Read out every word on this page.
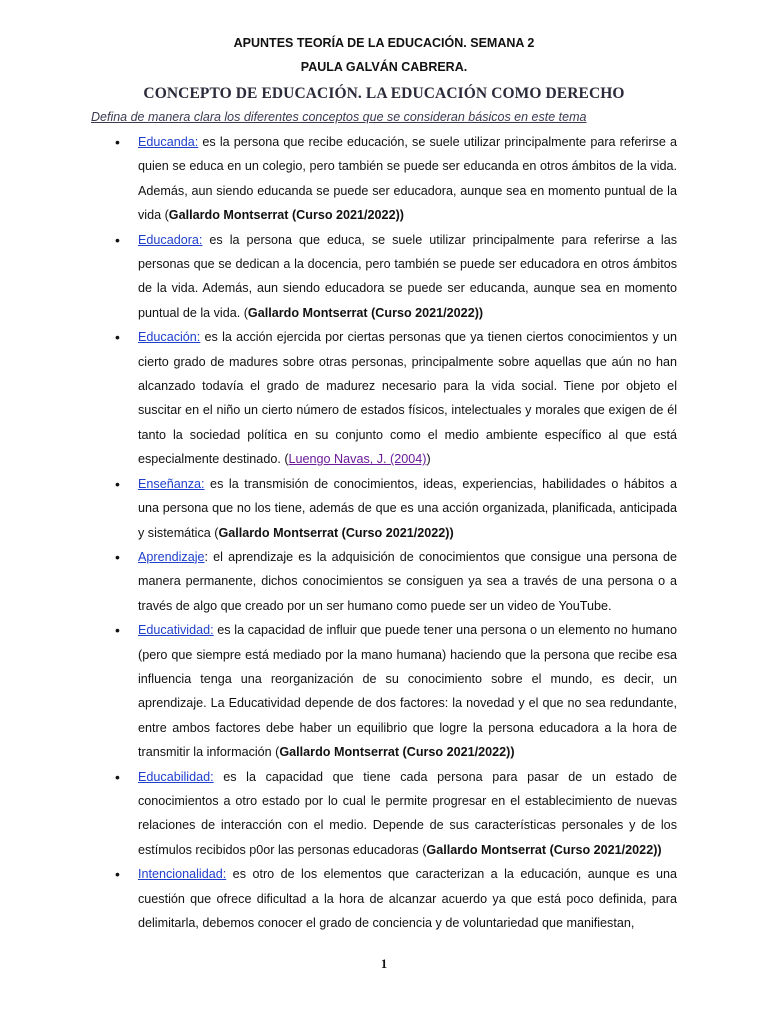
APUNTES TEORÍA DE LA EDUCACIÓN. SEMANA 2
PAULA GALVÁN CABRERA.
CONCEPTO DE EDUCACIÓN. LA EDUCACIÓN COMO DERECHO
Defina de manera clara los diferentes conceptos que se consideran básicos en este tema
• Educanda: es la persona que recibe educación, se suele utilizar principalmente para referirse a quien se educa en un colegio, pero también se puede ser educanda en otros ámbitos de la vida. Además, aun siendo educanda se puede ser educadora, aunque sea en momento puntual de la vida (Gallardo Montserrat (Curso 2021/2022))
• Educadora: es la persona que educa, se suele utilizar principalmente para referirse a las personas que se dedican a la docencia, pero también se puede ser educadora en otros ámbitos de la vida. Además, aun siendo educadora se puede ser educanda, aunque sea en momento puntual de la vida. (Gallardo Montserrat (Curso 2021/2022))
• Educación: es la acción ejercida por ciertas personas que ya tienen ciertos conocimientos y un cierto grado de madures sobre otras personas, principalmente sobre aquellas que aún no han alcanzado todavía el grado de madurez necesario para la vida social. Tiene por objeto el suscitar en el niño un cierto número de estados físicos, intelectuales y morales que exigen de él tanto la sociedad política en su conjunto como el medio ambiente específico al que está especialmente destinado. (Luengo Navas, J. (2004))
• Enseñanza: es la transmisión de conocimientos, ideas, experiencias, habilidades o hábitos a una persona que no los tiene, además de que es una acción organizada, planificada, anticipada y sistemática (Gallardo Montserrat (Curso 2021/2022))
• Aprendizaje: el aprendizaje es la adquisición de conocimientos que consigue una persona de manera permanente, dichos conocimientos se consiguen ya sea a través de una persona o a través de algo que creado por un ser humano como puede ser un video de YouTube.
• Educatividad: es la capacidad de influir que puede tener una persona o un elemento no humano (pero que siempre está mediado por la mano humana) haciendo que la persona que recibe esa influencia tenga una reorganización de su conocimiento sobre el mundo, es decir, un aprendizaje. La Educatividad depende de dos factores: la novedad y el que no sea redundante, entre ambos factores debe haber un equilibrio que logre la persona educadora a la hora de transmitir la información (Gallardo Montserrat (Curso 2021/2022))
• Educabilidad: es la capacidad que tiene cada persona para pasar de un estado de conocimientos a otro estado por lo cual le permite progresar en el establecimiento de nuevas relaciones de interacción con el medio. Depende de sus características personales y de los estímulos recibidos p0or las personas educadoras (Gallardo Montserrat (Curso 2021/2022))
• Intencionalidad: es otro de los elementos que caracterizan a la educación, aunque es una cuestión que ofrece dificultad a la hora de alcanzar acuerdo ya que está poco definida, para delimitarla, debemos conocer el grado de conciencia y de voluntariedad que manifiestan,
1
